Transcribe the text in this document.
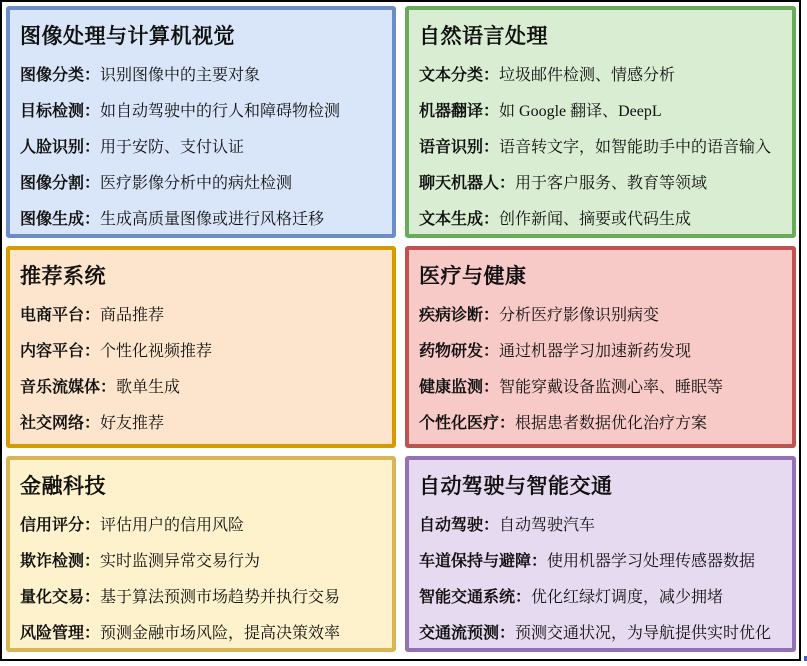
图像处理与计算机视觉
图像分类：识别图像中的主要对象
目标检测：如自动驾驶中的行人和障碍物检测
人脸识别：用于安防、支付认证
图像分割：医疗影像分析中的病灶检测
图像生成：生成高质量图像或进行风格迁移
自然语言处理
文本分类：垃圾邮件检测、情感分析
机器翻译：如 Google 翻译、DeepL
语音识别：语音转文字，如智能助手中的语音输入
聊天机器人：用于客户服务、教育等领域
文本生成：创作新闻、摘要或代码生成
推荐系统
电商平台：商品推荐
内容平台：个性化视频推荐
音乐流媒体：歌单生成
社交网络：好友推荐
医疗与健康
疾病诊断：分析医疗影像识别病变
药物研发：通过机器学习加速新药发现
健康监测：智能穿戴设备监测心率、睡眠等
个性化医疗：根据患者数据优化治疗方案
金融科技
信用评分：评估用户的信用风险
欺诈检测：实时监测异常交易行为
量化交易：基于算法预测市场趋势并执行交易
风险管理：预测金融市场风险，提高决策效率
自动驾驶与智能交通
自动驾驶：自动驾驶汽车
车道保持与避障：使用机器学习处理传感器数据
智能交通系统：优化红绿灯调度，减少拥堵
交通流预测：预测交通状况，为导航提供实时优化
